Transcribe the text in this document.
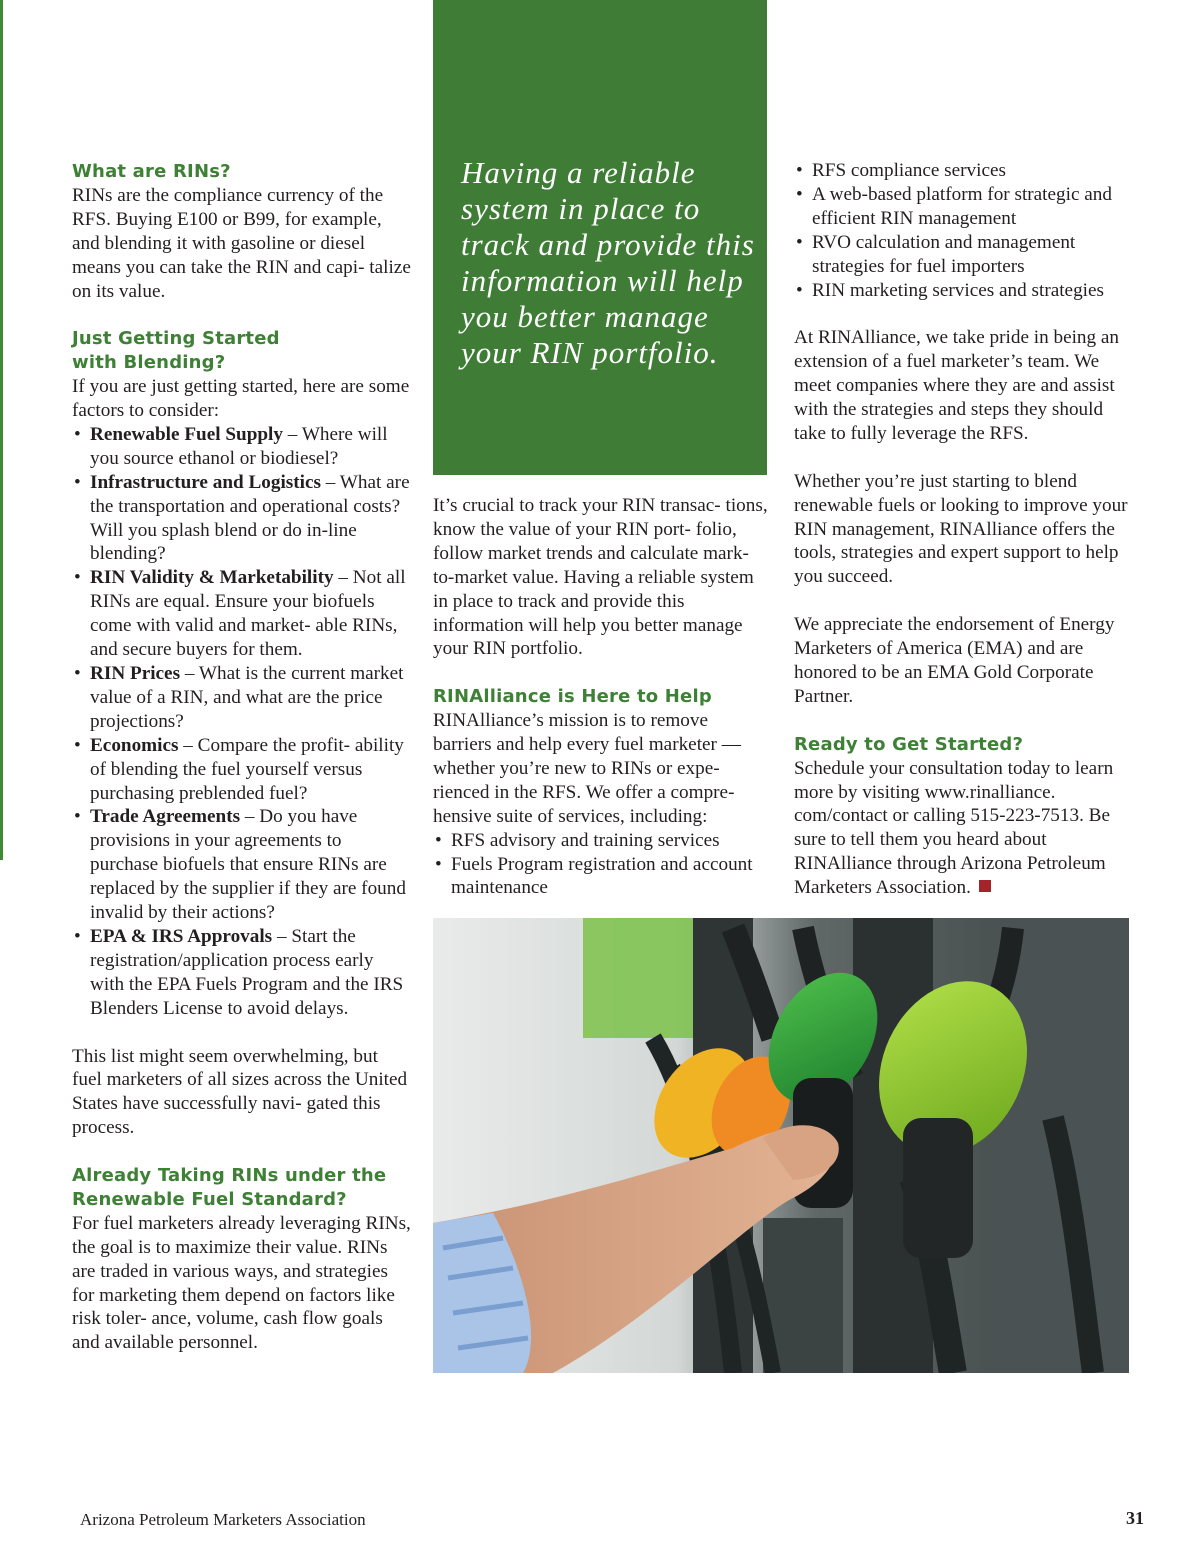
What are RINs?

RINs are the compliance currency of the RFS. Buying E100 or B99, for example, and blending it with gasoline or diesel means you can take the RIN and capi- talize on its value.

Just Getting Started
with Blending?

If you are just getting started, here are some factors to consider:

• Renewable Fuel Supply – Where will you source ethanol or biodiesel?
• Infrastructure and Logistics – What are the transportation and operational costs? Will you splash blend or do in-line blending?
• RIN Validity & Marketability – Not all RINs are equal. Ensure your biofuels come with valid and market- able RINs, and secure buyers for them.
• RIN Prices – What is the current market value of a RIN, and what are the price projections?
• Economics – Compare the profit- ability of blending the fuel yourself versus purchasing preblended fuel?
• Trade Agreements – Do you have provisions in your agreements to purchase biofuels that ensure RINs are replaced by the supplier if they are found invalid by their actions?
• EPA & IRS Approvals – Start the registration/application process early with the EPA Fuels Program and the IRS Blenders License to avoid delays.

This list might seem overwhelming, but fuel marketers of all sizes across the United States have successfully navi- gated this process.

Already Taking RINs under the
Renewable Fuel Standard?

For fuel marketers already leveraging RINs, the goal is to maximize their value. RINs are traded in various ways, and strategies for marketing them depend on factors like risk toler- ance, volume, cash flow goals and available personnel.

Having a reliable system in place to track and provide this information will help you better manage your RIN portfolio.

It’s crucial to track your RIN transac- tions, know the value of your RIN port- folio, follow market trends and calculate mark-to-market value. Having a reliable system in place to track and provide this information will help you better manage your RIN portfolio.

RINAlliance is Here to Help

RINAlliance’s mission is to remove barriers and help every fuel marketer — whether you’re new to RINs or expe- rienced in the RFS. We offer a compre- hensive suite of services, including:

• RFS advisory and training services
• Fuels Program registration and account maintenance
• RFS compliance services
• A web-based platform for strategic and efficient RIN management
• RVO calculation and management strategies for fuel importers
• RIN marketing services and strategies

At RINAlliance, we take pride in being an extension of a fuel marketer’s team. We meet companies where they are and assist with the strategies and steps they should take to fully leverage the RFS.

Whether you’re just starting to blend renewable fuels or looking to improve your RIN management, RINAlliance offers the tools, strategies and expert support to help you succeed.

We appreciate the endorsement of Energy Marketers of America (EMA) and are honored to be an EMA Gold Corporate Partner.

Ready to Get Started?

Schedule your consultation today to learn more by visiting www.rinalliance. com/contact or calling 515-223-7513. Be sure to tell them you heard about RINAlliance through Arizona Petroleum Marketers Association.

Arizona Petroleum Marketers Association	31
